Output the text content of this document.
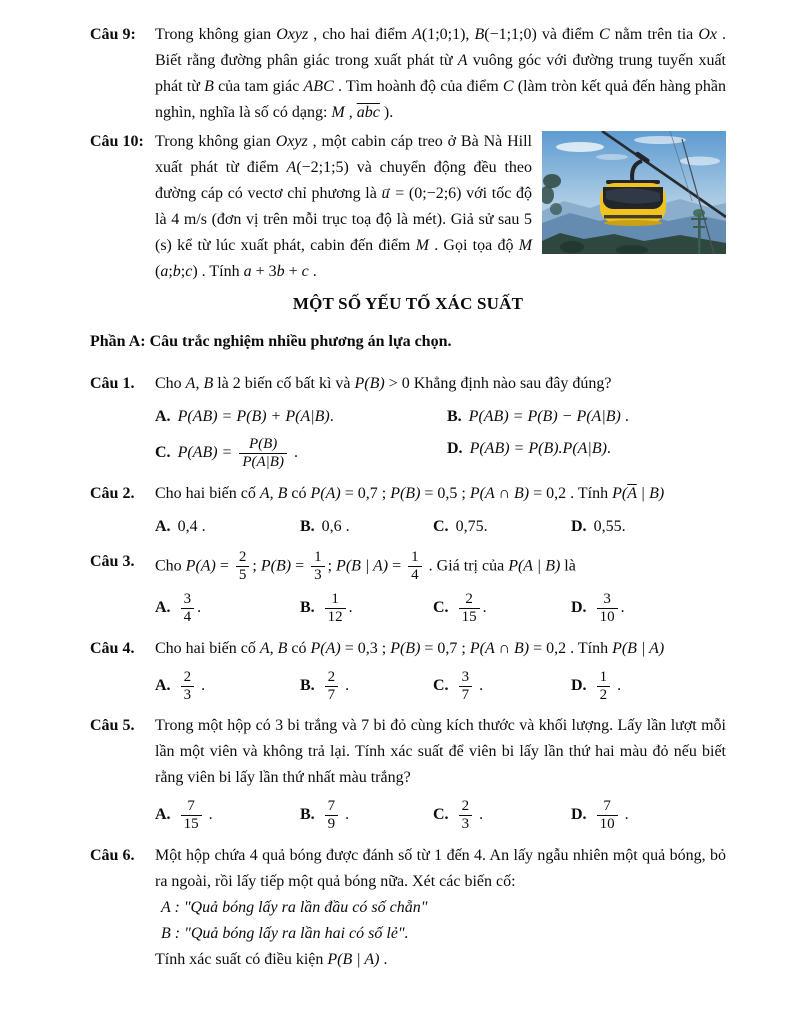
Câu 9:	Trong không gian Oxyz , cho hai điểm A(1;0;1), B(−1;1;0) và điểm C nằm trên tia Ox . Biết rằng đường phân giác trong xuất phát từ A vuông góc với đường trung tuyến xuất phát từ B của tam giác ABC . Tìm hoành độ của điểm C (làm tròn kết quả đến hàng phần nghìn, nghĩa là số có dạng: M , $\overline{abc}$ ).
Câu 10: Trong không gian Oxyz , một cabin cáp treo ở Bà Nà Hill xuất phát từ điểm A(−2;1;5) và chuyển động đều theo đường cáp có vectơ chỉ phương là u → = (0;−2;6) với tốc độ là 4 m/s (đơn vị trên mỗi trục toạ độ là mét). Giả sử sau 5 (s) kể từ lúc xuất phát, cabin đến điểm M . Gọi tọa độ M (a;b;c) . Tính a + 3b + c .
MỘT SỐ YẾU TỐ XÁC SUẤT
Phần A: Câu trắc nghiệm nhiều phương án lựa chọn.
Câu 1.	Cho A, B là 2 biến cố bất kì và P(B) > 0 Khẳng định nào sau đây đúng?
A. P(AB) = P(B) + P(A|B).	B. P(AB) = P(B) − P(A|B) .
C. $P(AB) = \frac{P(B)}{P(A|B)}$ .	D. P(AB) = P(B).P(A|B).
Câu 2.	Cho hai biến cố A, B có P(A) = 0,7 ; P(B) = 0,5 ; P(A ∩ B) = 0,2 . Tính $P(\overline{A}$ | B)
A. 0,4 .	B. 0,6 .	C. 0,75.	D. 0,55.
Câu 3.	Cho $P(A) = \frac{2}{5}$ ; $P(B) = \frac{1}{3}$ ; P(B | $A) = \frac{1}{4}$ . Giá trị của P(A | B) là
A. $\frac{3}{4}$ .	B. $\frac{1}{12}$ .	C. $\frac{2}{15}$ .	D. $\frac{3}{10}$ .
Câu 4.	Cho hai biến cố A, B có P(A) = 0,3 ; P(B) = 0,7 ; P(A ∩ B) = 0,2 . Tính P(B | A)
A. $\frac{2}{3}$ .	B. $\frac{2}{7}$ .	C. $\frac{3}{7}$ .	D. $\frac{1}{2}$ .
Câu 5.	Trong một hộp có 3 bi trắng và 7 bi đỏ cùng kích thước và khối lượng. Lấy lần lượt mỗi lần một viên và không trả lại. Tính xác suất để viên bi lấy lần thứ hai màu đỏ nếu biết rằng viên bi lấy lần thứ nhất màu trắng?
A. $\frac{7}{15}$ .	B. $\frac{7}{9}$ .	C. $\frac{2}{3}$ .	D. $\frac{7}{10}$ .
Câu 6.	Một hộp chứa 4 quả bóng được đánh số từ 1 đến 4. An lấy ngẫu nhiên một quả bóng, bỏ ra ngoài, rồi lấy tiếp một quả bóng nữa. Xét các biến cố:
A : "Quả bóng lấy ra lần đầu có số chẵn"
B : "Quả bóng lấy ra lần hai có số lẻ".
Tính xác suất có điều kiện P(B | A) .
